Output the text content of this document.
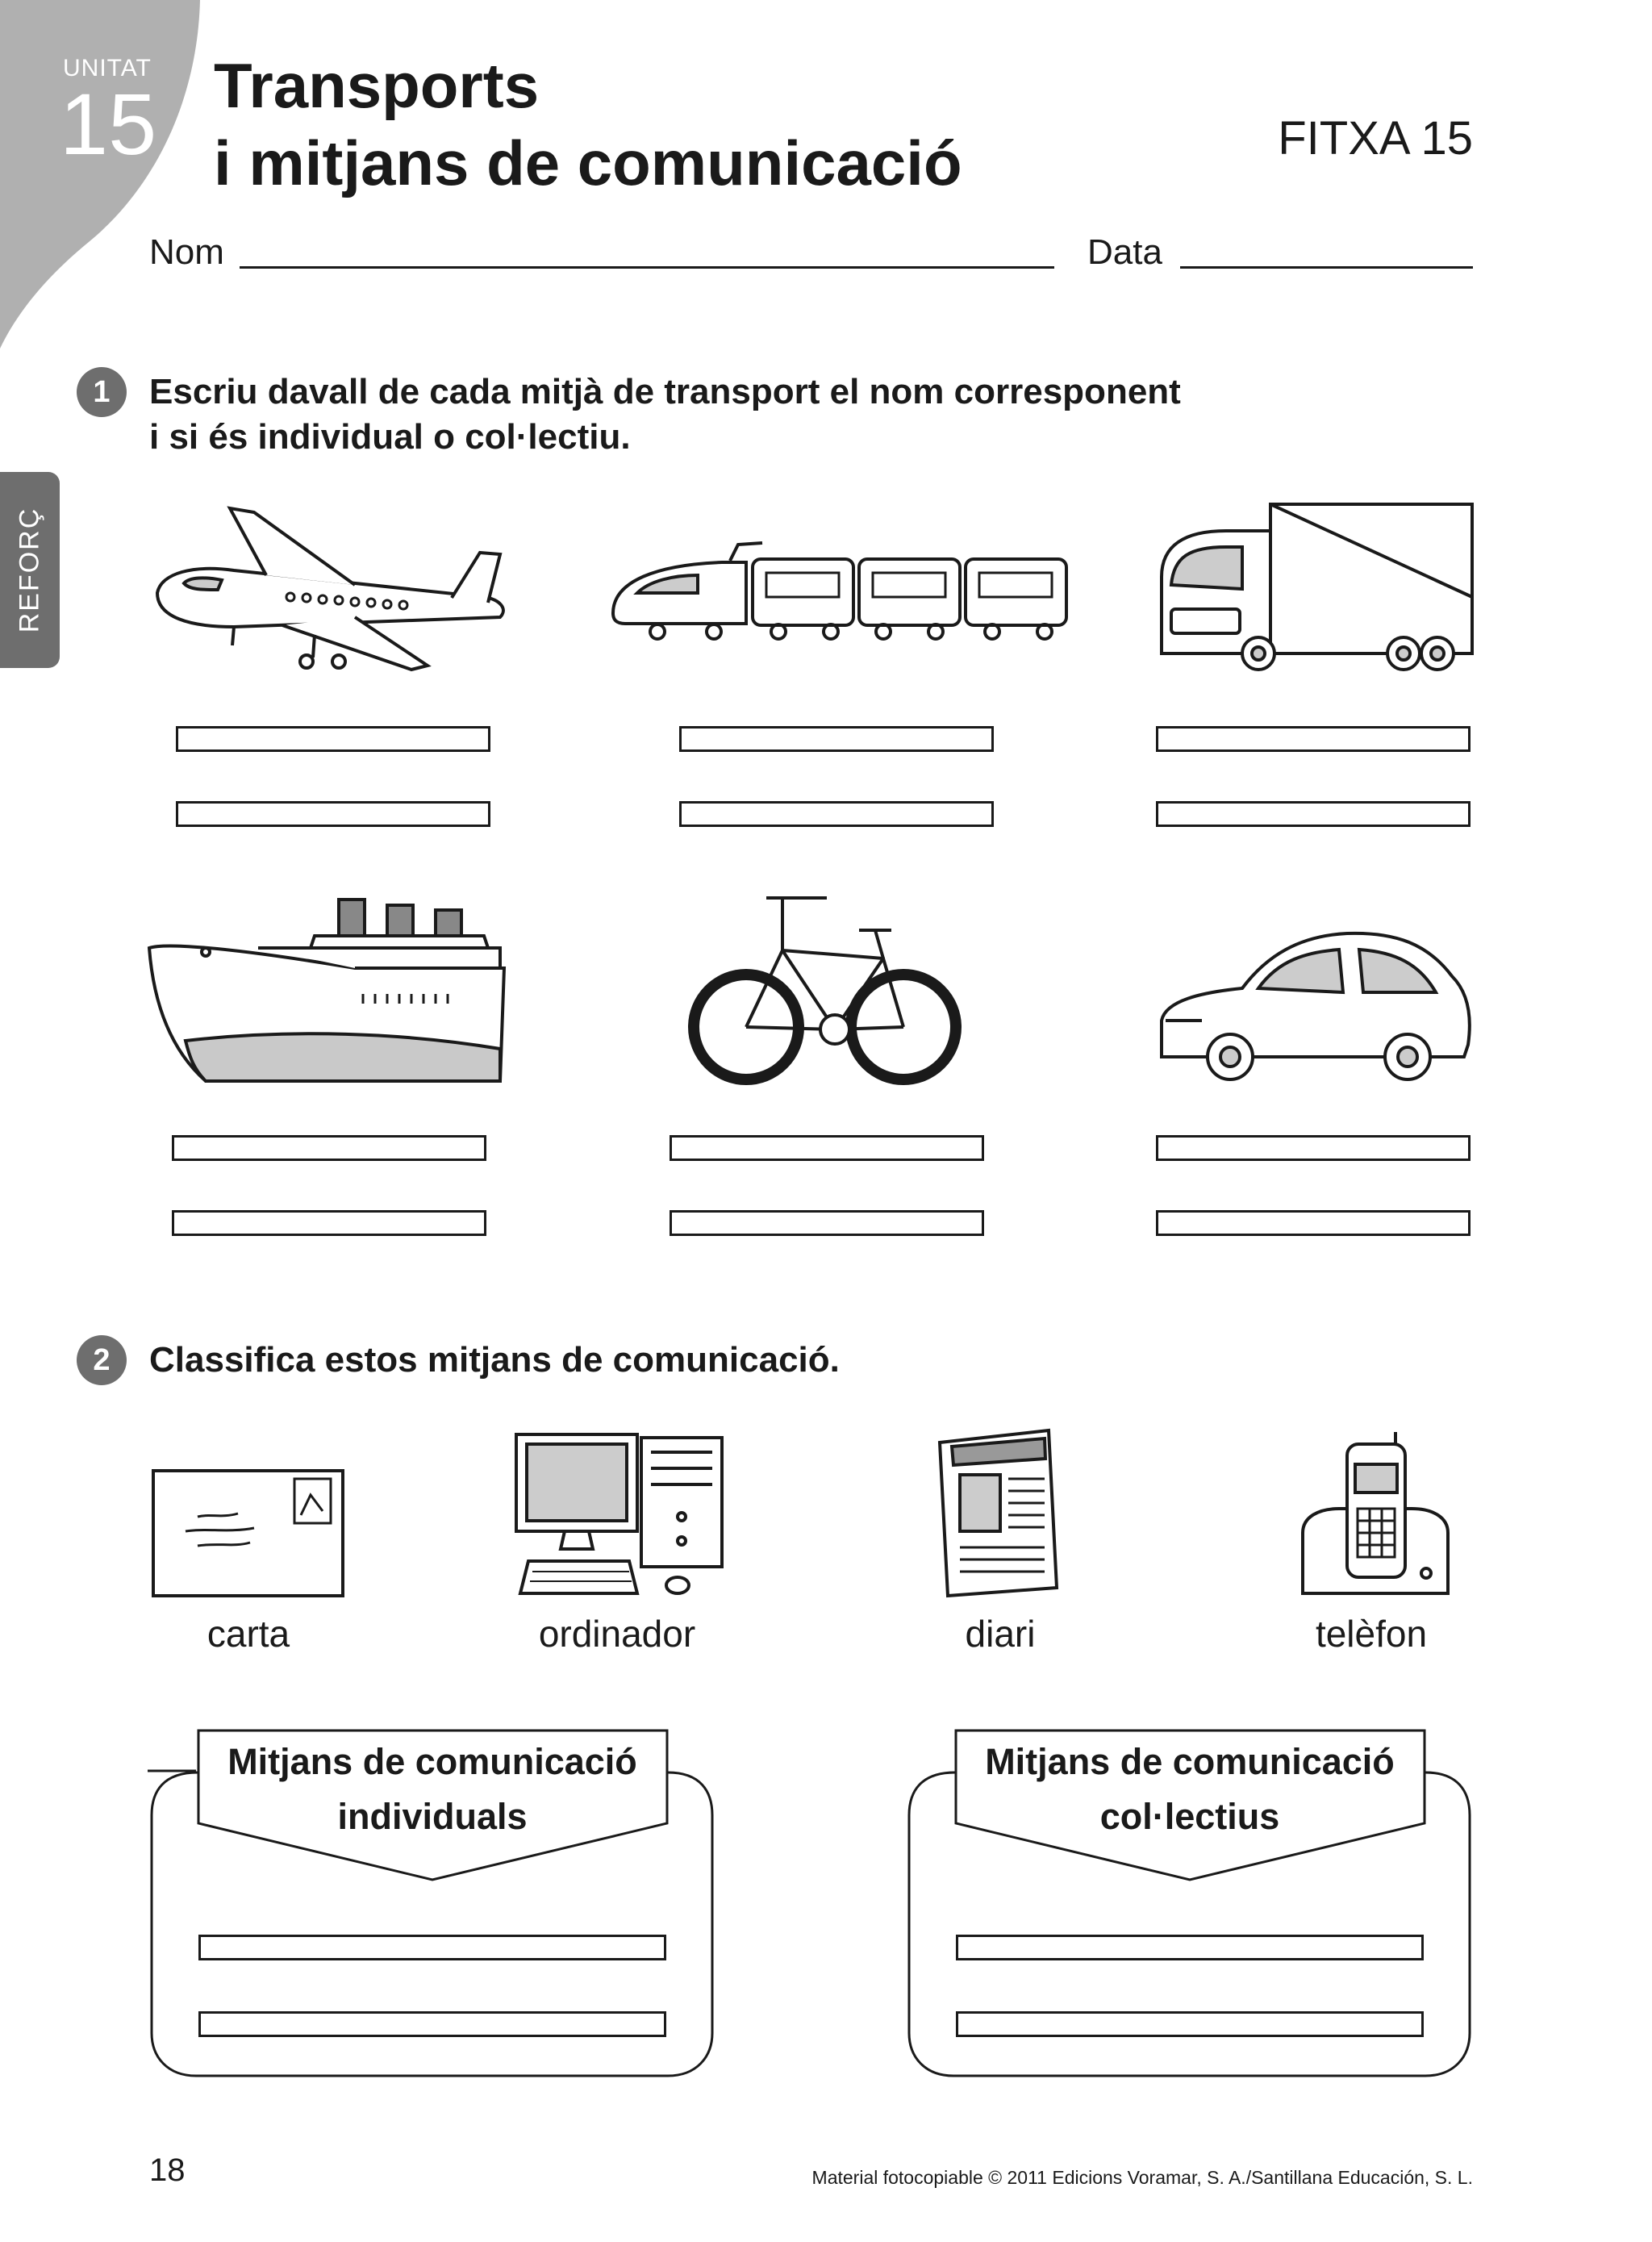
UNITAT
15 Transports
i mitjans de comunicació	FITXA 15
Nom	Data
REFORÇ
1	Escriu davall de cada mitjà de transport el nom corresponent
i si és individual o col·lectiu.
2	Classifica estos mitjans de comunicació.
carta	ordinador	diari	telèfon
Mitjans de comunicació
individuals
Mitjans de comunicació
col·lectius
18	Material fotocopiable © 2011 Edicions Voramar, S. A./Santillana Educación, S. L.
